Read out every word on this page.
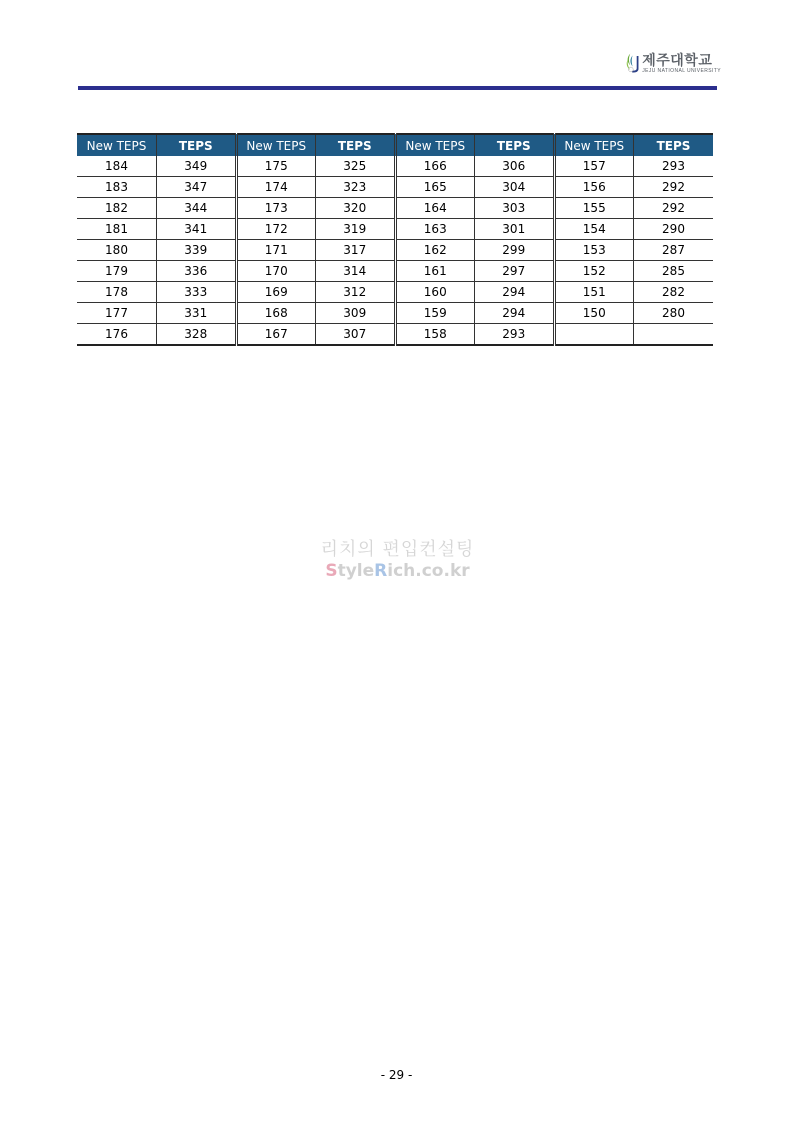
제주대학교
JEJU NATIONAL UNIVERSITY
New TEPS	TEPS	New TEPS	TEPS	New TEPS	TEPS	New TEPS	TEPS
184	349	175	325	166	306	157	293
183	347	174	323	165	304	156	292
182	344	173	320	164	303	155	292
181	341	172	319	163	301	154	290
180	339	171	317	162	299	153	287
179	336	170	314	161	297	152	285
178	333	169	312	160	294	151	282
177	331	168	309	159	294	150	280
176	328	167	307	158	293		
리치의 편입컨설팅
StyleRich.co.kr
- 29 -
